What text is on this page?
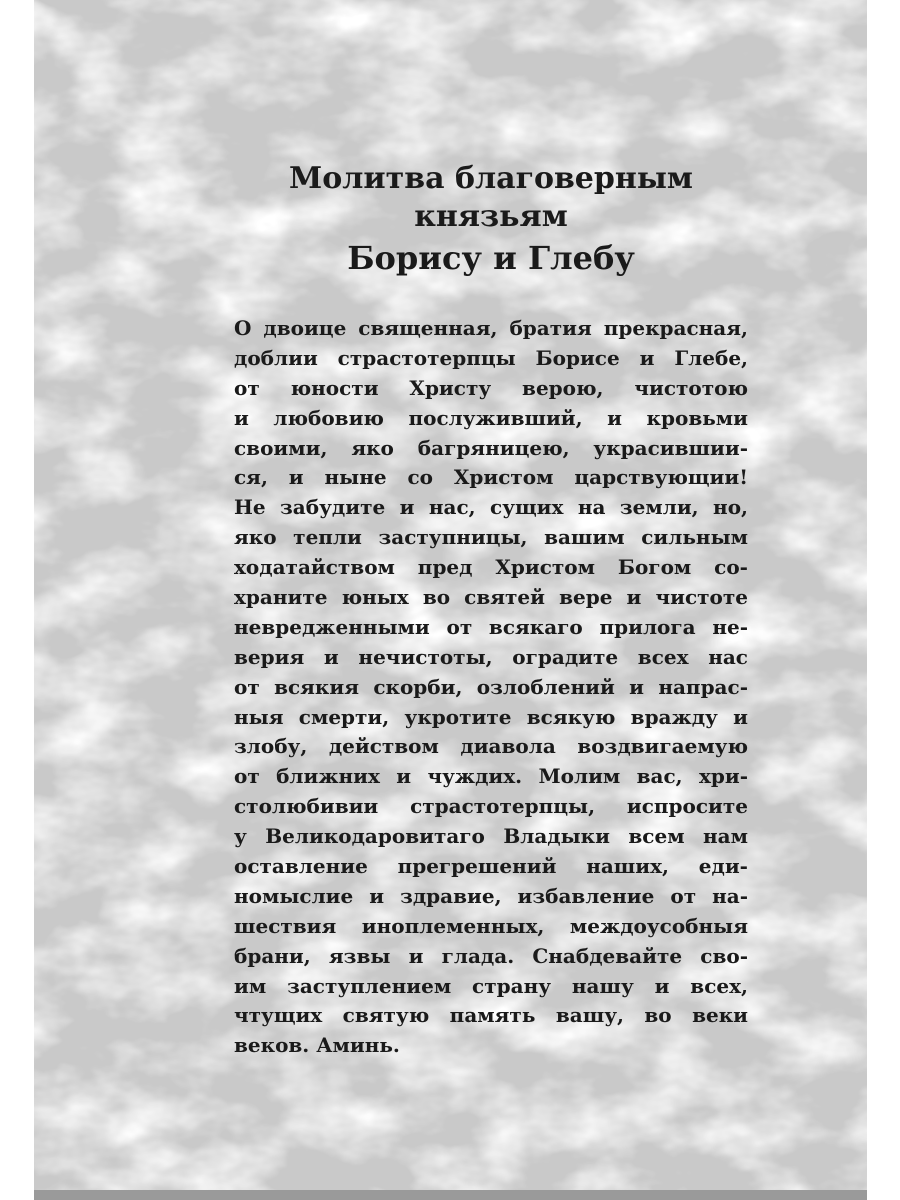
Молитва благоверным
князьям
Борису и Глебу
О двоице священная, братия прекрасная,
доблии страстотерпцы Борисе и Глебе,
от юности Христу верою, чистотою
и любовию послуживший, и кровьми
своими, яко багряницею, украсившии-
ся, и ныне со Христом царствующии!
Не забудите и нас, сущих на земли, но,
яко тепли заступницы, вашим сильным
ходатайством пред Христом Богом со-
храните юных во святей вере и чистоте
невредженными от всякаго прилога не-
верия и нечистоты, оградите всех нас
от всякия скорби, озлоблений и напрас-
ныя смерти, укротите всякую вражду и
злобу, действом диавола воздвигаемую
от ближних и чуждих. Молим вас, хри-
столюбивии страстотерпцы, испросите
у Великодаровитаго Владыки всем нам
оставление прегрешений наших, еди-
номыслие и здравие, избавление от на-
шествия иноплеменных, междоусобныя
брани, язвы и глада. Снабдевайте сво-
им заступлением страну нашу и всех,
чтущих святую память вашу, во веки
веков. Аминь.
